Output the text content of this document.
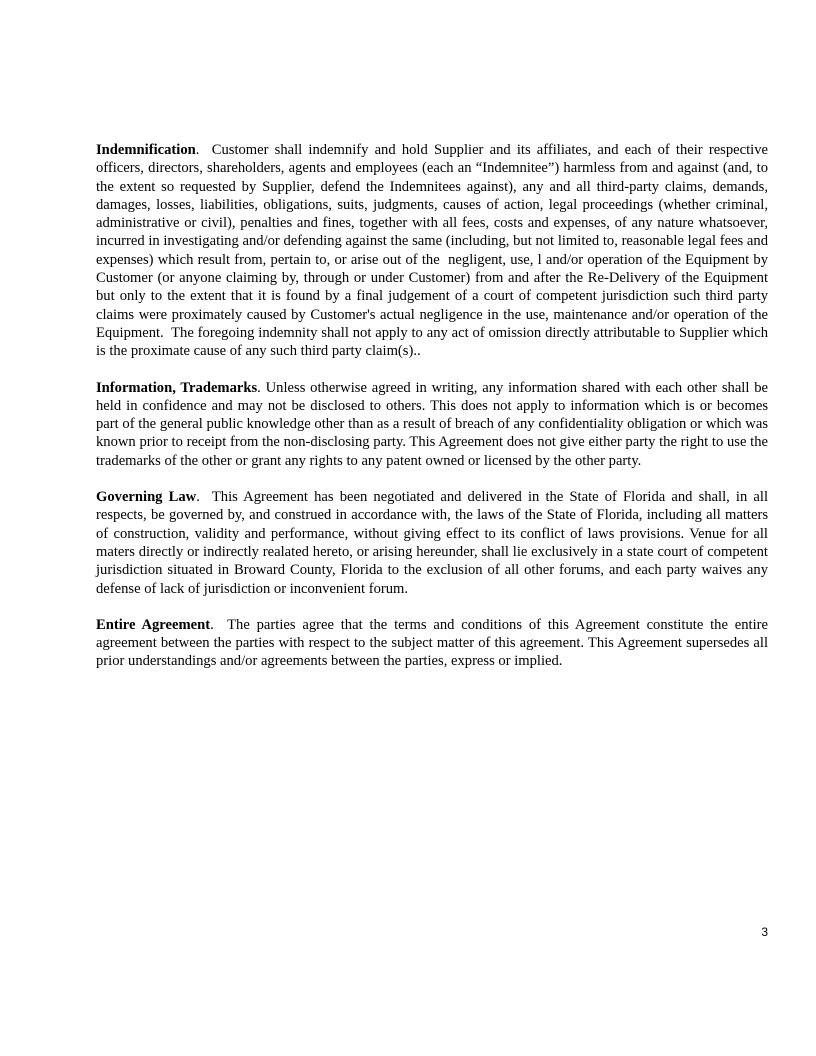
Indemnification.  Customer shall indemnify and hold Supplier and its affiliates, and each of their respective officers, directors, shareholders, agents and employees (each an “Indemnitee”) harmless from and against (and, to the extent so requested by Supplier, defend the Indemnitees against), any and all third-party claims, demands, damages, losses, liabilities, obligations, suits, judgments, causes of action, legal proceedings (whether criminal, administrative or civil), penalties and fines, together with all fees, costs and expenses, of any nature whatsoever, incurred in investigating and/or defending against the same (including, but not limited to, reasonable legal fees and expenses) which result from, pertain to, or arise out of the  negligent, use, l and/or operation of the Equipment by Customer (or anyone claiming by, through or under Customer) from and after the Re-Delivery of the Equipment but only to the extent that it is found by a final judgement of a court of competent jurisdiction such third party claims were proximately caused by Customer's actual negligence in the use, maintenance and/or operation of the Equipment.  The foregoing indemnity shall not apply to any act of omission directly attributable to Supplier which is the proximate cause of any such third party claim(s)..

Information, Trademarks. Unless otherwise agreed in writing, any information shared with each other shall be held in confidence and may not be disclosed to others. This does not apply to information which is or becomes part of the general public knowledge other than as a result of breach of any confidentiality obligation or which was known prior to receipt from the non-disclosing party. This Agreement does not give either party the right to use the trademarks of the other or grant any rights to any patent owned or licensed by the other party.

Governing Law.  This Agreement has been negotiated and delivered in the State of Florida and shall, in all respects, be governed by, and construed in accordance with, the laws of the State of Florida, including all matters of construction, validity and performance, without giving effect to its conflict of laws provisions. Venue for all maters directly or indirectly realated hereto, or arising hereunder, shall lie exclusively in a state court of competent jurisdiction situated in Broward County, Florida to the exclusion of all other forums, and each party waives any defense of lack of jurisdiction or inconvenient forum.

Entire Agreement.  The parties agree that the terms and conditions of this Agreement constitute the entire agreement between the parties with respect to the subject matter of this agreement. This Agreement supersedes all prior understandings and/or agreements between the parties, express or implied.

3
